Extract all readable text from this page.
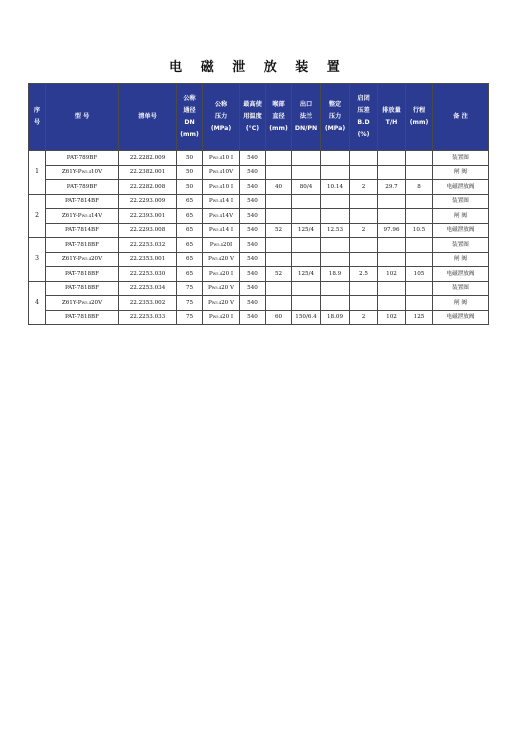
电 磁 泄 放 装 置
序
号	型 号	清单号	公称
通径
DN
(mm)	公称
压力
(MPa)	最高使
用温度
(°C)	喉部
直径
(mm)	出口
法兰
DN/PN	整定
压力
(MPa)	启闭
压差
B.D
(%)	排放量
T/H	行程
(mm)	备 注

1	PAT-789BF	22.2282.009	50	PW5.410 I	540							装置图
	Z61Y-PW5.410V	22.2382.001	50	PW5.410V	540							闸 阀
	PAT-789BF	22.2282.008	50	PW5.410 I	540	40	80/4	10.14	2	29.7	8	电磁泄放阀
2	PAT-7814BF	22.2293.009	65	PW5.414 I	540							装置图
	Z61Y-PW5.414V	22.2393.001	65	PW5.414V	540							闸 阀
	PAT-7814BF	22.2293.008	65	PW5.414 I	540	52	125/4	12.53	2	97.96	10.5	电磁泄放阀
3	PAT-7818BF	22.2253.032	65	PW5.420I	540							装置图
	Z61Y-PW5.420V	22.2353.001	65	PW5.420 V	540							闸 阀
	PAT-7818BF	22.2253.030	65	PW5.420 I	540	52	125/4	18.9	2.5	102	105	电磁泄放阀
4	PAT-7818BF	22.2253.034	75	PW5.420 V	540							装置图
	Z61Y-PW5.420V	22.2353.002	75	PW5.420 V	540							闸 阀
	PAT-7818BF	22.2253.033	75	PW5.420 I	540	60	150/6.4	18.09	2	102	125	电磁泄放阀
